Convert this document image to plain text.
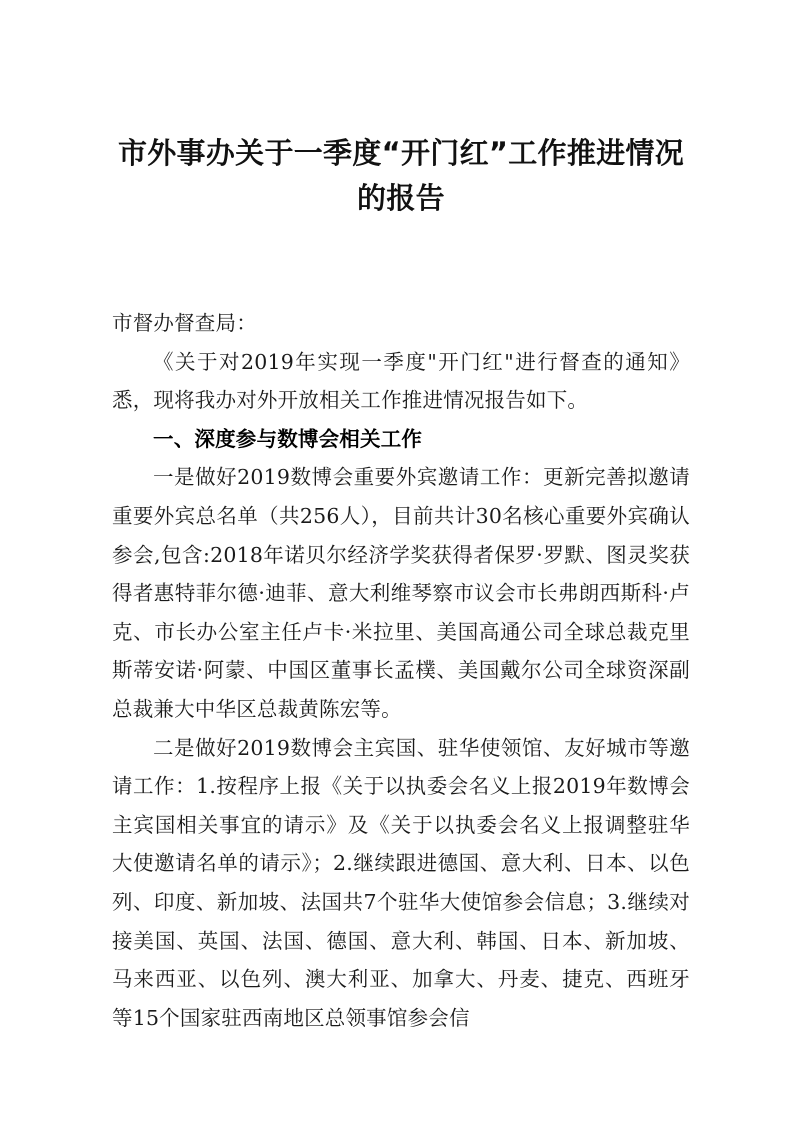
市外事办关于一季度“开门红”工作推进情况的报告

市督办督查局：

《关于对2019年实现一季度"开门红"进行督查的通知》悉，现将我办对外开放相关工作推进情况报告如下。

一、深度参与数博会相关工作

一是做好2019数博会重要外宾邀请工作：更新完善拟邀请重要外宾总名单（共256人），目前共计30名核心重要外宾确认参会,包含:2018年诺贝尔经济学奖获得者保罗·罗默、图灵奖获得者惠特菲尔德·迪菲、意大利维琴察市议会市长弗朗西斯科·卢克、市长办公室主任卢卡·米拉里、美国高通公司全球总裁克里斯蒂安诺·阿蒙、中国区董事长孟樸、美国戴尔公司全球资深副总裁兼大中华区总裁黄陈宏等。

二是做好2019数博会主宾国、驻华使领馆、友好城市等邀请工作：1.按程序上报《关于以执委会名义上报2019年数博会主宾国相关事宜的请示》及《关于以执委会名义上报调整驻华大使邀请名单的请示》；2.继续跟进德国、意大利、日本、以色列、印度、新加坡、法国共7个驻华大使馆参会信息；3.继续对接美国、英国、法国、德国、意大利、韩国、日本、新加坡、马来西亚、以色列、澳大利亚、加拿大、丹麦、捷克、西班牙等15个国家驻西南地区总领事馆参会信
